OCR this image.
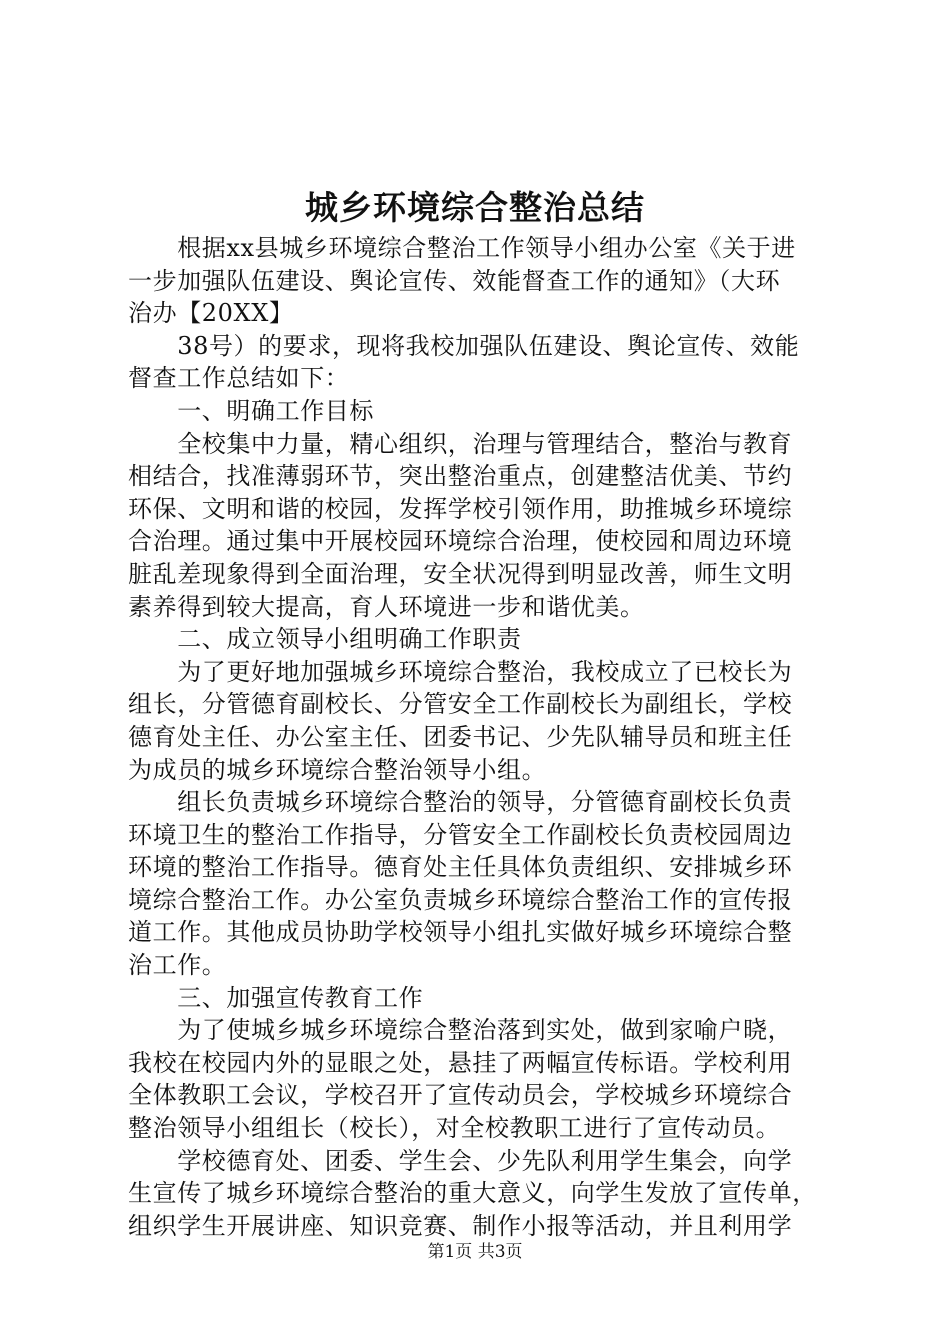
城乡环境综合整治总结
　　根据xx县城乡环境综合整治工作领导小组办公室《关于进
一步加强队伍建设、舆论宣传、效能督查工作的通知》（大环
治办【20XX】
　　38号）的要求，现将我校加强队伍建设、舆论宣传、效能
督查工作总结如下：
　　一、明确工作目标
　　全校集中力量，精心组织，治理与管理结合，整治与教育
相结合，找准薄弱环节，突出整治重点，创建整洁优美、节约
环保、文明和谐的校园，发挥学校引领作用，助推城乡环境综
合治理。通过集中开展校园环境综合治理，使校园和周边环境
脏乱差现象得到全面治理，安全状况得到明显改善，师生文明
素养得到较大提高，育人环境进一步和谐优美。
　　二、成立领导小组明确工作职责
　　为了更好地加强城乡环境综合整治，我校成立了已校长为
组长，分管德育副校长、分管安全工作副校长为副组长，学校
德育处主任、办公室主任、团委书记、少先队辅导员和班主任
为成员的城乡环境综合整治领导小组。
　　组长负责城乡环境综合整治的领导，分管德育副校长负责
环境卫生的整治工作指导，分管安全工作副校长负责校园周边
环境的整治工作指导。德育处主任具体负责组织、安排城乡环
境综合整治工作。办公室负责城乡环境综合整治工作的宣传报
道工作。其他成员协助学校领导小组扎实做好城乡环境综合整
治工作。
　　三、加强宣传教育工作
　　为了使城乡城乡环境综合整治落到实处，做到家喻户晓，
我校在校园内外的显眼之处，悬挂了两幅宣传标语。学校利用
全体教职工会议，学校召开了宣传动员会，学校城乡环境综合
整治领导小组组长（校长），对全校教职工进行了宣传动员。
　　学校德育处、团委、学生会、少先队利用学生集会，向学
生宣传了城乡环境综合整治的重大意义，向学生发放了宣传单，
组织学生开展讲座、知识竞赛、制作小报等活动，并且利用学
第1页 共3页
